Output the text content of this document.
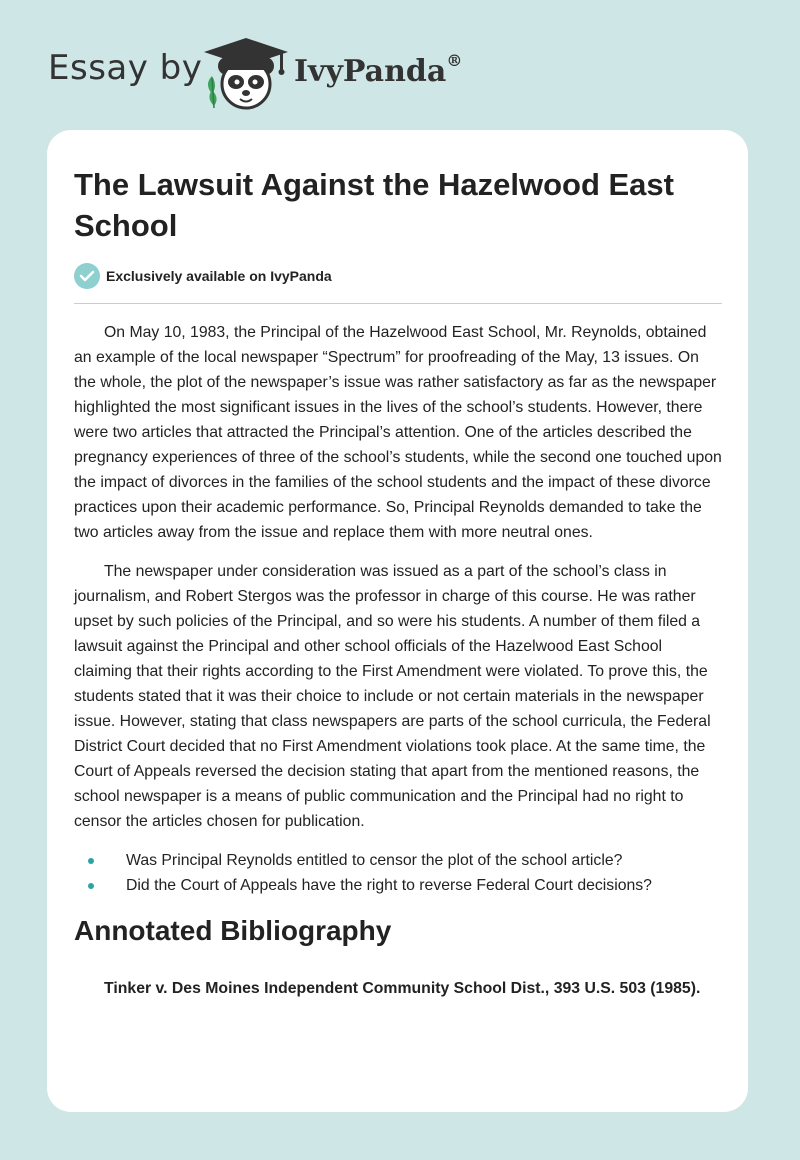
Essay by	IvyPanda®
The Lawsuit Against the Hazelwood East School
Exclusively available on IvyPanda

On May 10, 1983, the Principal of the Hazelwood East School, Mr. Reynolds, obtained an example of the local newspaper “Spectrum” for proofreading of the May, 13 issues. On the whole, the plot of the newspaper’s issue was rather satisfactory as far as the newspaper highlighted the most significant issues in the lives of the school’s students. However, there were two articles that attracted the Principal’s attention. One of the articles described the pregnancy experiences of three of the school’s students, while the second one touched upon the impact of divorces in the families of the school students and the impact of these divorce practices upon their academic performance. So, Principal Reynolds demanded to take the two articles away from the issue and replace them with more neutral ones.

The newspaper under consideration was issued as a part of the school’s class in journalism, and Robert Stergos was the professor in charge of this course. He was rather upset by such policies of the Principal, and so were his students. A number of them filed a lawsuit against the Principal and other school officials of the Hazelwood East School claiming that their rights according to the First Amendment were violated. To prove this, the students stated that it was their choice to include or not certain materials in the newspaper issue. However, stating that class newspapers are parts of the school curricula, the Federal District Court decided that no First Amendment violations took place. At the same time, the Court of Appeals reversed the decision stating that apart from the mentioned reasons, the school newspaper is a means of public communication and the Principal had no right to censor the articles chosen for publication.

Was Principal Reynolds entitled to censor the plot of the school article?
Did the Court of Appeals have the right to reverse Federal Court decisions?
Annotated Bibliography

Tinker v. Des Moines Independent Community School Dist., 393 U.S. 503 (1985).
